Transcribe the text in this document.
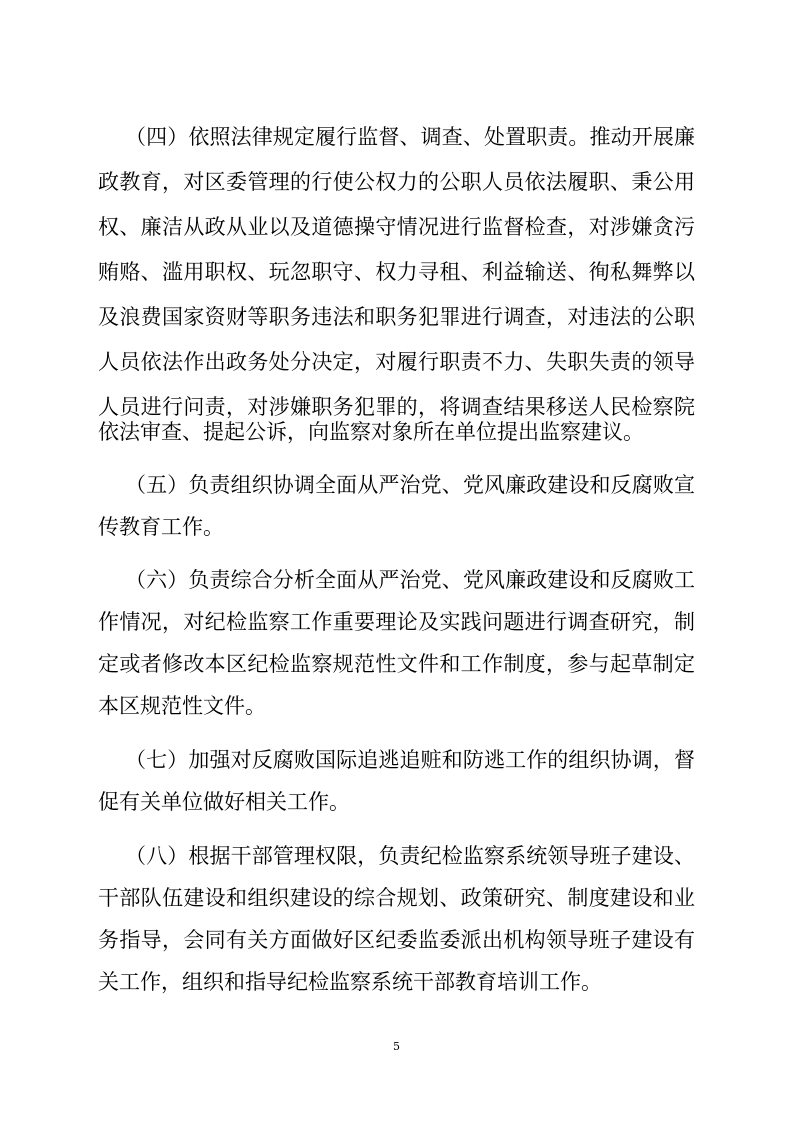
（四）依照法律规定履行监督、调查、处置职责。推动开展廉
政教育，对区委管理的行使公权力的公职人员依法履职、秉公用
权、廉洁从政从业以及道德操守情况进行监督检查，对涉嫌贪污
贿赂、滥用职权、玩忽职守、权力寻租、利益输送、徇私舞弊以
及浪费国家资财等职务违法和职务犯罪进行调查，对违法的公职
人员依法作出政务处分决定，对履行职责不力、失职失责的领导
人员进行问责，对涉嫌职务犯罪的，将调查结果移送人民检察院
依法审查、提起公诉，向监察对象所在单位提出监察建议。
（五）负责组织协调全面从严治党、党风廉政建设和反腐败宣
传教育工作。
（六）负责综合分析全面从严治党、党风廉政建设和反腐败工
作情况，对纪检监察工作重要理论及实践问题进行调查研究，制
定或者修改本区纪检监察规范性文件和工作制度，参与起草制定
本区规范性文件。
（七）加强对反腐败国际追逃追赃和防逃工作的组织协调，督
促有关单位做好相关工作。
（八）根据干部管理权限，负责纪检监察系统领导班子建设、
干部队伍建设和组织建设的综合规划、政策研究、制度建设和业
务指导，会同有关方面做好区纪委监委派出机构领导班子建设有
关工作，组织和指导纪检监察系统干部教育培训工作。
5
